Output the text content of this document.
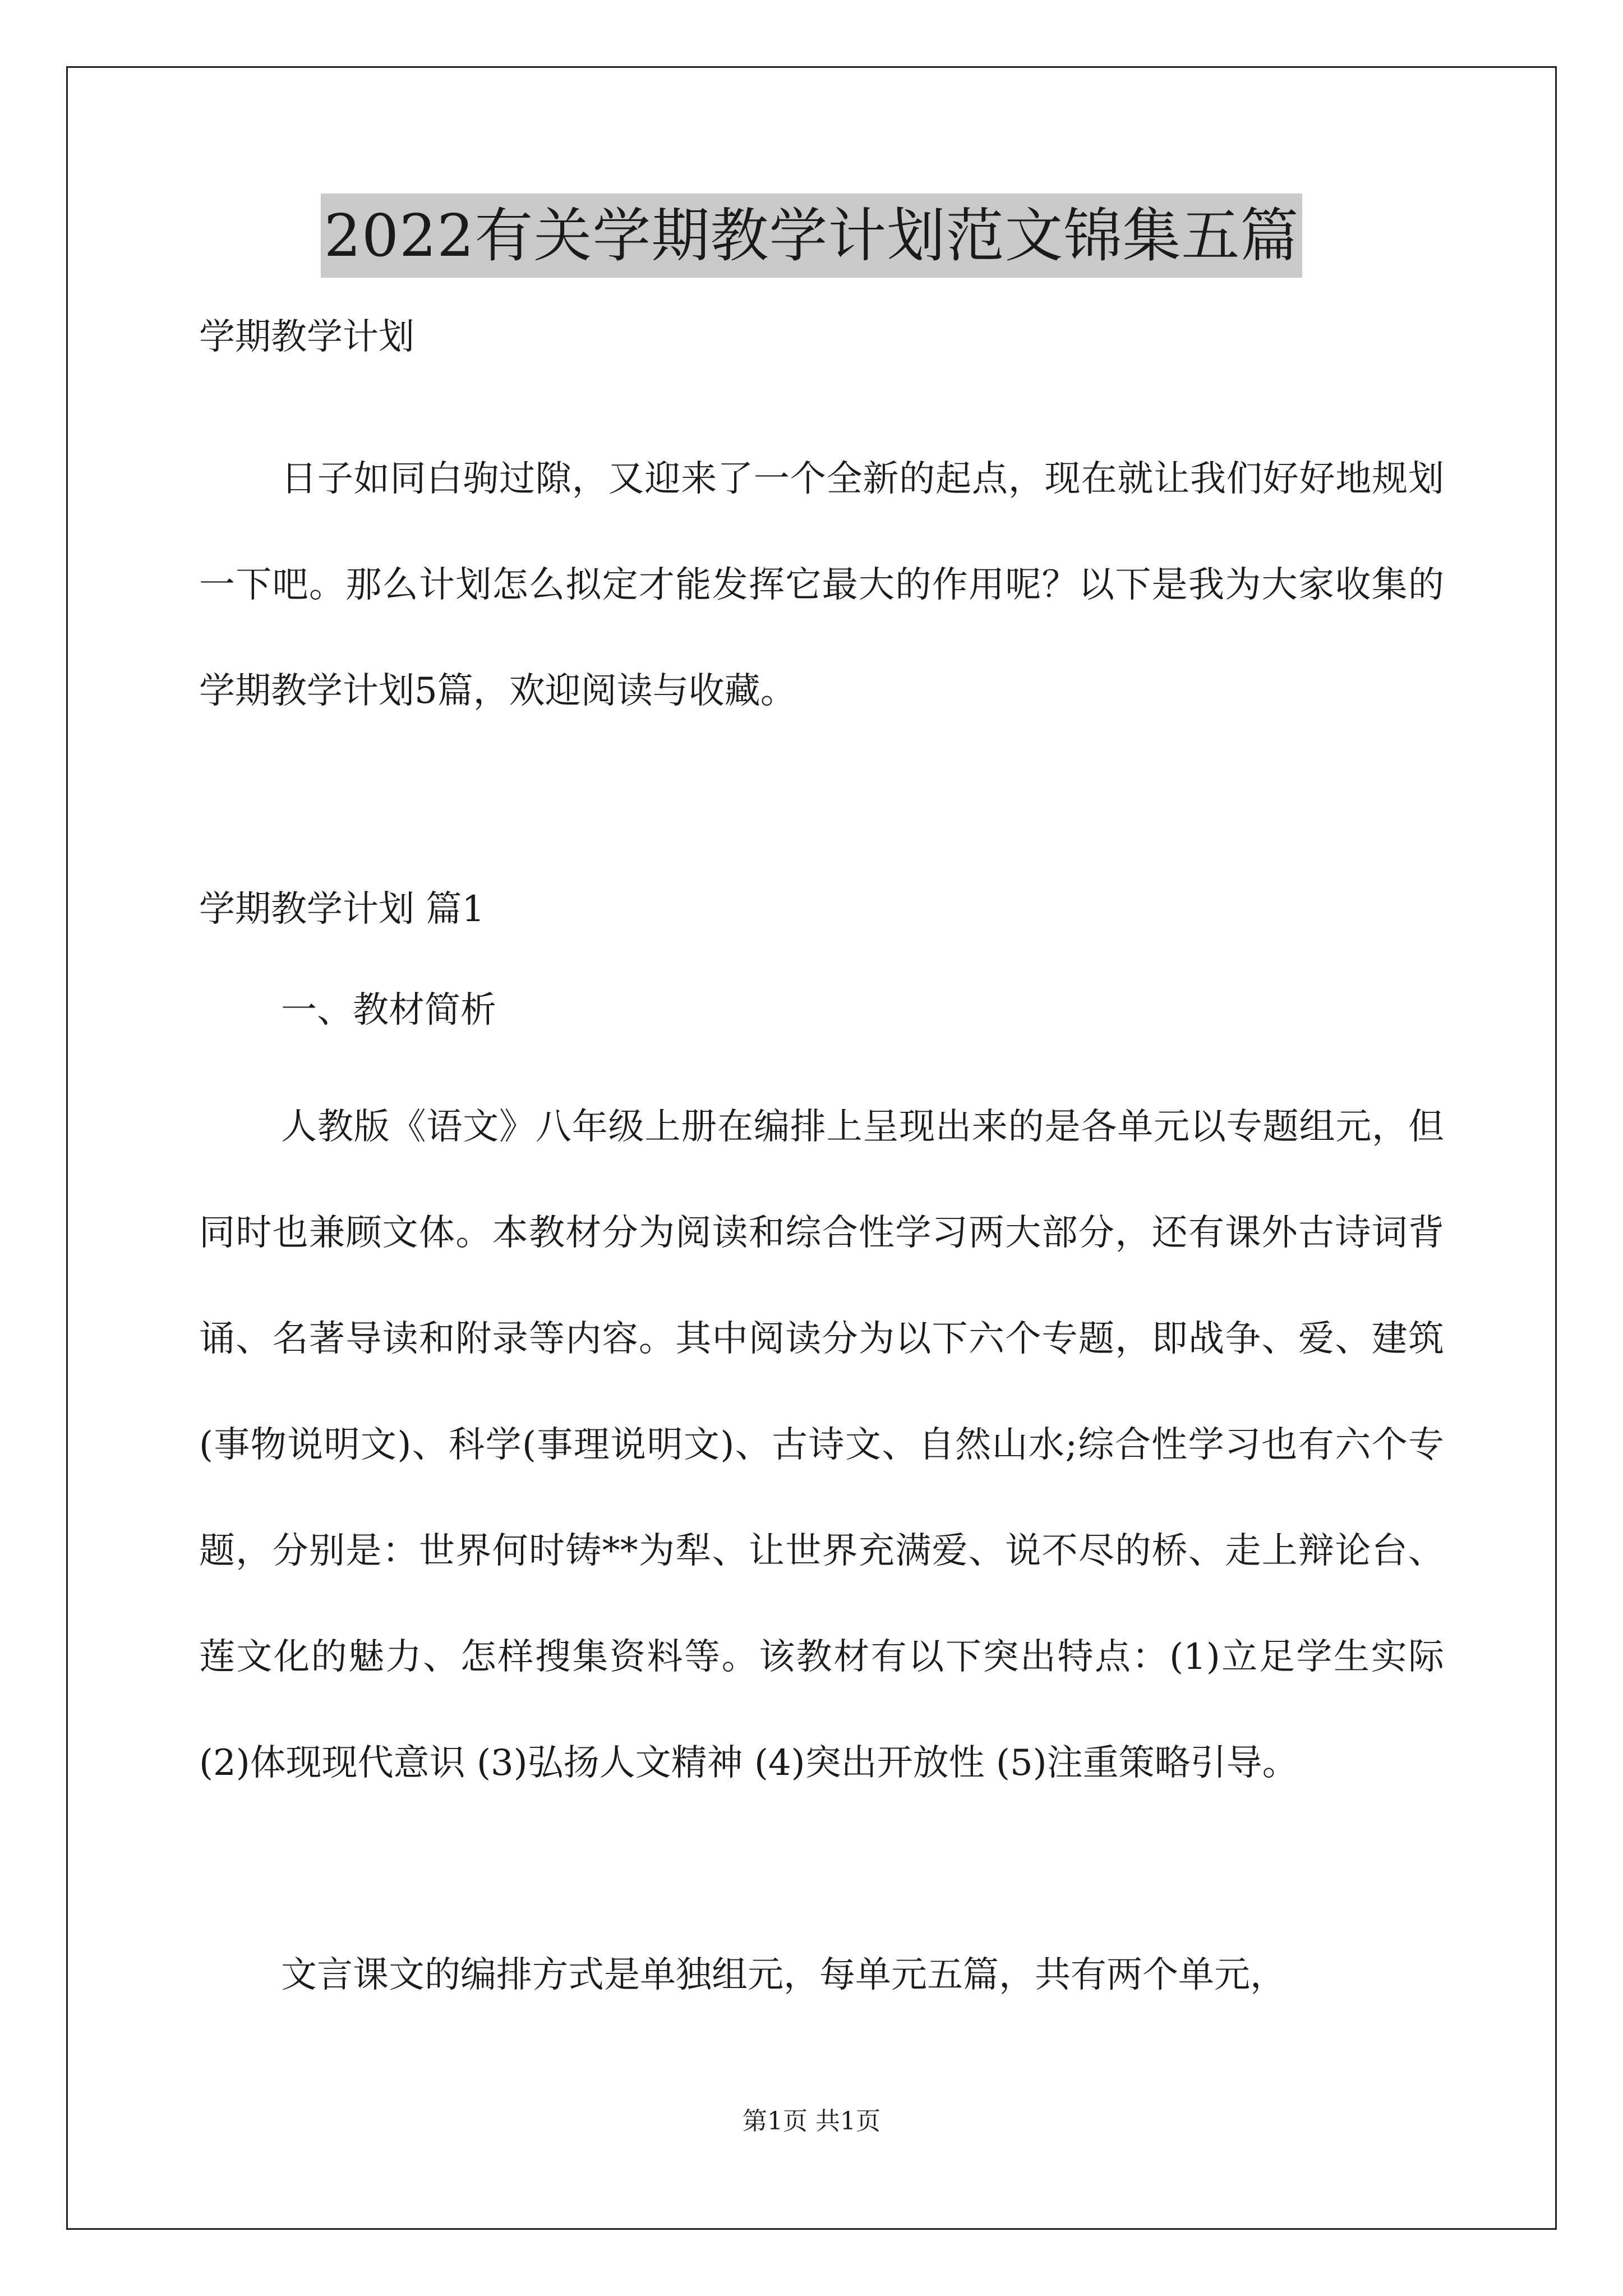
2022有关学期教学计划范文锦集五篇

学期教学计划

日子如同白驹过隙，又迎来了一个全新的起点，现在就让我们好好地规划一下吧。那么计划怎么拟定才能发挥它最大的作用呢？以下是我为大家收集的学期教学计划5篇，欢迎阅读与收藏。

学期教学计划 篇1

一、教材简析

人教版《语文》八年级上册在编排上呈现出来的是各单元以专题组元，但同时也兼顾文体。本教材分为阅读和综合性学习两大部分，还有课外古诗词背诵、名著导读和附录等内容。其中阅读分为以下六个专题，即战争、爱、建筑(事物说明文)、科学(事理说明文)、古诗文、自然山水;综合性学习也有六个专题，分别是：世界何时铸**为犁、让世界充满爱、说不尽的桥、走上辩论台、莲文化的魅力、怎样搜集资料等。该教材有以下突出特点：(1)立足学生实际 (2)体现现代意识 (3)弘扬人文精神 (4)突出开放性 (5)注重策略引导。

文言课文的编排方式是单独组元，每单元五篇，共有两个单元，

第1页 共1页
